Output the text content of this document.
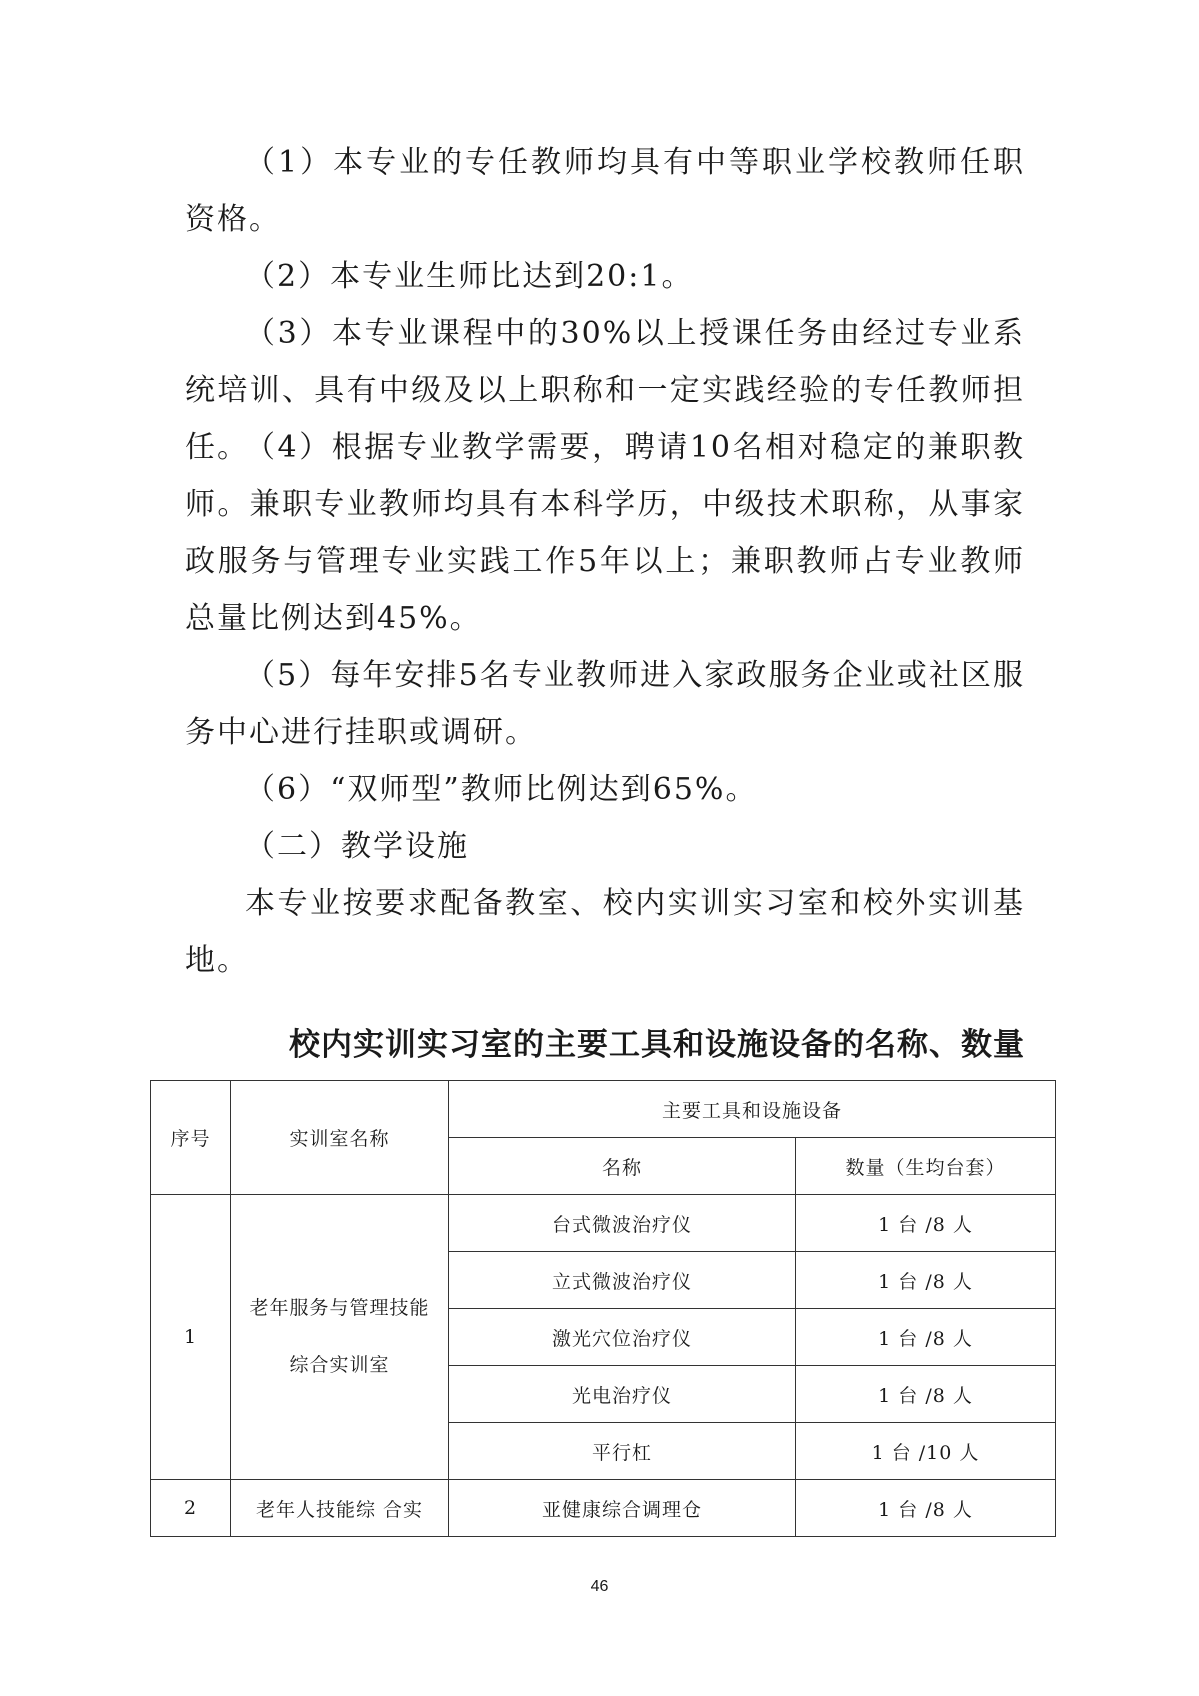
（1）本专业的专任教师均具有中等职业学校教师任职资格。

（2）本专业生师比达到20:1。

（3）本专业课程中的30%以上授课任务由经过专业系统培训、具有中级及以上职称和一定实践经验的专任教师担任。

（4）根据专业教学需要，聘请10名相对稳定的兼职教师。兼职专业教师均具有本科学历，中级技术职称，从事家政服务与管理专业实践工作5年以上；兼职教师占专业教师总量比例达到45%。

（5）每年安排5名专业教师进入家政服务企业或社区服务中心进行挂职或调研。

（6）“双师型”教师比例达到65%。

（二）教学设施

本专业按要求配备教室、校内实训实习室和校外实训基地。

校内实训实习室的主要工具和设施设备的名称、数量

序号	实训室名称	主要工具和设施设备	
		名称	数量（生均台套）
1	老年服务与管理技能综合实训室	台式微波治疗仪	1 台 /8 人
		立式微波治疗仪	1 台 /8 人
		激光穴位治疗仪	1 台 /8 人
		光电治疗仪	1 台 /8 人
		平行杠	1 台 /10 人
2	老年人技能综 合实	亚健康综合调理仓	1 台 /8 人

46
